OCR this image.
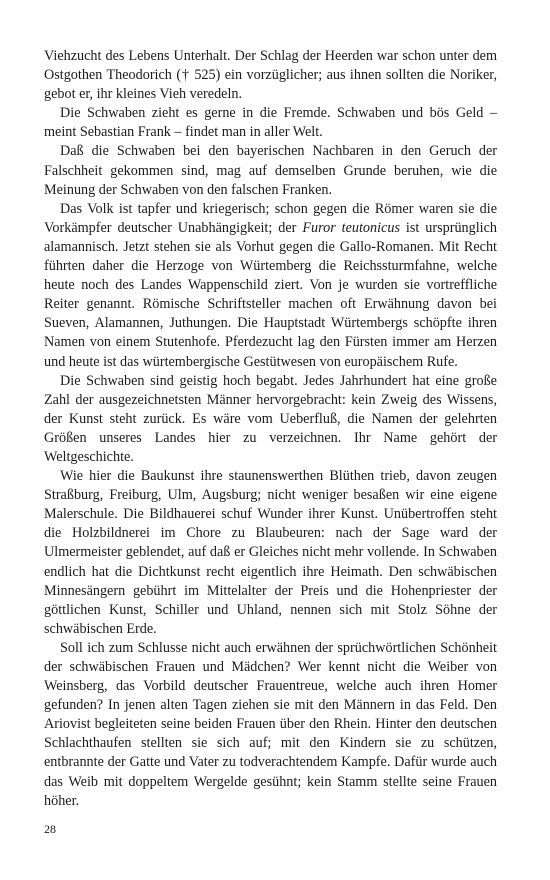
Viehzucht des Lebens Unterhalt. Der Schlag der Heerden war schon unter dem Ostgothen Theodorich († 525) ein vorzüglicher; aus ihnen sollten die Noriker, gebot er, ihr kleines Vieh veredeln.

Die Schwaben zieht es gerne in die Fremde. Schwaben und bös Geld – meint Sebastian Frank – findet man in aller Welt.

Daß die Schwaben bei den bayerischen Nachbaren in den Geruch der Falschheit gekommen sind, mag auf demselben Grunde beruhen, wie die Meinung der Schwaben von den falschen Franken.

Das Volk ist tapfer und kriegerisch; schon gegen die Römer waren sie die Vorkämpfer deutscher Unabhängigkeit; der Furor teutonicus ist ursprünglich alamannisch. Jetzt stehen sie als Vorhut gegen die Gallo-Romanen. Mit Recht führten daher die Herzoge von Würtemberg die Reichssturmfahne, welche heute noch des Landes Wappenschild ziert. Von je wurden sie vortreffliche Reiter genannt. Römische Schriftsteller machen oft Erwähnung davon bei Sueven, Alamannen, Juthungen. Die Hauptstadt Würtembergs schöpfte ihren Namen von einem Stutenhofe. Pferdezucht lag den Fürsten immer am Herzen und heute ist das würtembergische Gestütwesen von europäischem Rufe.

Die Schwaben sind geistig hoch begabt. Jedes Jahrhundert hat eine große Zahl der ausgezeichnetsten Männer hervorgebracht: kein Zweig des Wissens, der Kunst steht zurück. Es wäre vom Ueberfluß, die Namen der gelehrten Größen unseres Landes hier zu verzeichnen. Ihr Name gehört der Weltgeschichte.

Wie hier die Baukunst ihre staunenswerthen Blüthen trieb, davon zeugen Straßburg, Freiburg, Ulm, Augsburg; nicht weniger besaßen wir eine eigene Malerschule. Die Bildhauerei schuf Wunder ihrer Kunst. Unübertroffen steht die Holzbildnerei im Chore zu Blaubeuren: nach der Sage ward der Ulmermeister geblendet, auf daß er Gleiches nicht mehr vollende. In Schwaben endlich hat die Dichtkunst recht eigentlich ihre Heimath. Den schwäbischen Minnesängern gebührt im Mittelalter der Preis und die Hohenpriester der göttlichen Kunst, Schiller und Uhland, nennen sich mit Stolz Söhne der schwäbischen Erde.

Soll ich zum Schlusse nicht auch erwähnen der sprüchwörtlichen Schönheit der schwäbischen Frauen und Mädchen? Wer kennt nicht die Weiber von Weinsberg, das Vorbild deutscher Frauentreue, welche auch ihren Homer gefunden? In jenen alten Tagen ziehen sie mit den Männern in das Feld. Den Ariovist begleiteten seine beiden Frauen über den Rhein. Hinter den deutschen Schlachthaufen stellten sie sich auf; mit den Kindern sie zu schützen, entbrannte der Gatte und Vater zu todverachtendem Kampfe. Dafür wurde auch das Weib mit doppeltem Wergelde gesühnt; kein Stamm stellte seine Frauen höher.

28
